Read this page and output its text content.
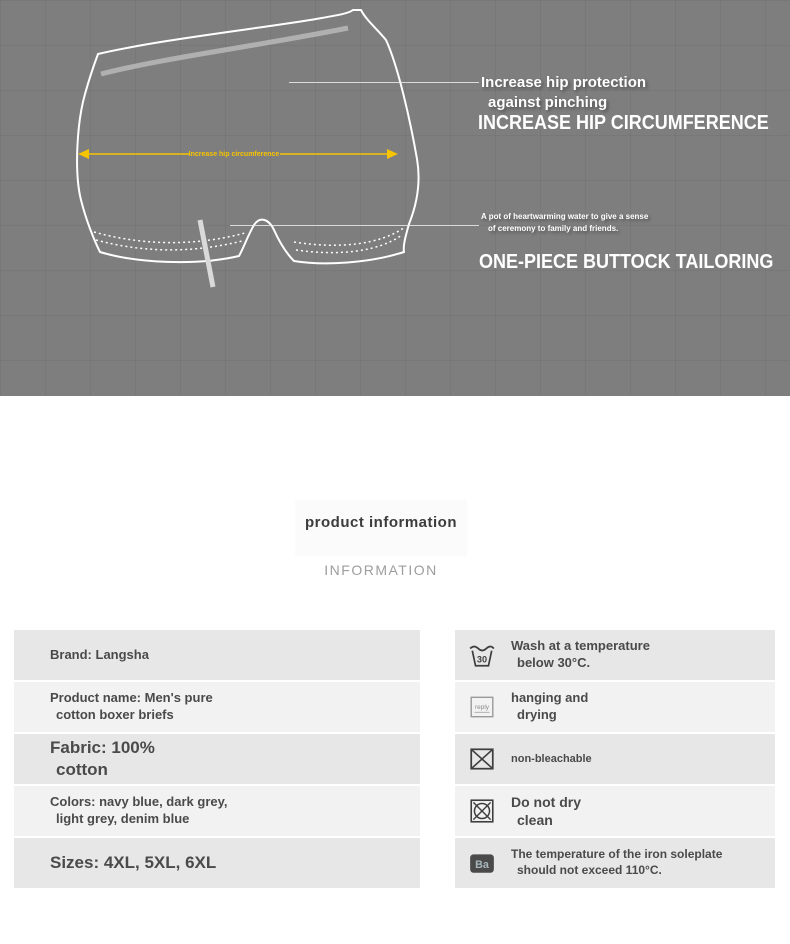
Increase hip circumference
Increase hip protection
against pinching
INCREASE HIP CIRCUMFERENCE
A pot of heartwarming water to give a sense
of ceremony to family and friends.
ONE-PIECE BUTTOCK TAILORING
product information
INFORMATION
Brand: Langsha
Product name: Men's pure
cotton boxer briefs
Fabric: 100%
cotton
Colors: navy blue, dark grey,
light grey, denim blue
Sizes: 4XL, 5XL, 6XL
30
Wash at a temperature
below 30°C.
reply
hanging and
drying
non-bleachable
Do not dry
clean
Ba
The temperature of the iron soleplate
should not exceed 110°C.
